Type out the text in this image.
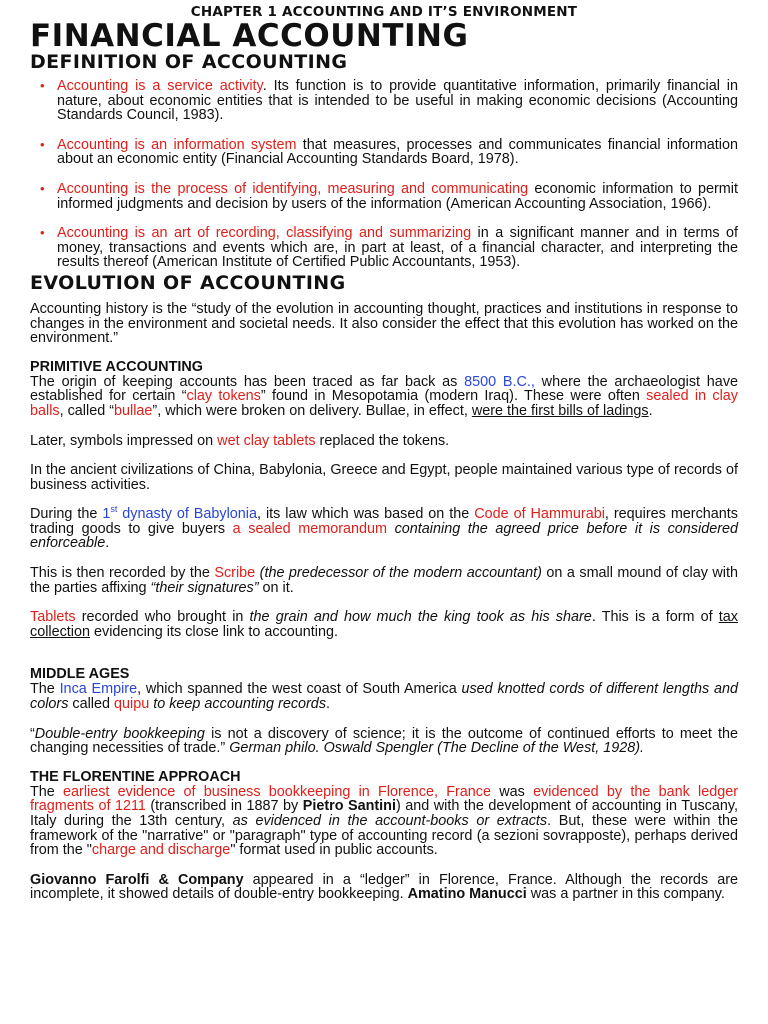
CHAPTER 1 ACCOUNTING AND IT’S ENVIRONMENT
FINANCIAL ACCOUNTING
DEFINITION OF ACCOUNTING
• Accounting is a service activity. Its function is to provide quantitative information, primarily financial in nature, about economic entities that is intended to be useful in making economic decisions (Accounting Standards Council, 1983).
• Accounting is an information system that measures, processes and communicates financial information about an economic entity (Financial Accounting Standards Board, 1978).
• Accounting is the process of identifying, measuring and communicating economic information to permit informed judgments and decision by users of the information (American Accounting Association, 1966).
• Accounting is an art of recording, classifying and summarizing in a significant manner and in terms of money, transactions and events which are, in part at least, of a financial character, and interpreting the results thereof (American Institute of Certified Public Accountants, 1953).
EVOLUTION OF ACCOUNTING

Accounting history is the “study of the evolution in accounting thought, practices and institutions in response to changes in the environment and societal needs. It also consider the effect that this evolution has worked on the environment.”

PRIMITIVE ACCOUNTING

The origin of keeping accounts has been traced as far back as 8500 B.C., where the archaeologist have established for certain “clay tokens” found in Mesopotamia (modern Iraq). These were often sealed in clay balls, called “bullae”, which were broken on delivery. Bullae, in effect, were the first bills of ladings.

Later, symbols impressed on wet clay tablets replaced the tokens.

In the ancient civilizations of China, Babylonia, Greece and Egypt, people maintained various type of records of business activities.

During the 1st dynasty of Babylonia, its law which was based on the Code of Hammurabi, requires merchants trading goods to give buyers a sealed memorandum containing the agreed price before it is considered enforceable.

This is then recorded by the Scribe (the predecessor of the modern accountant) on a small mound of clay with the parties affixing “their signatures” on it.

Tablets recorded who brought in the grain and how much the king took as his share. This is a form of tax collection evidencing its close link to accounting.

MIDDLE AGES

The Inca Empire, which spanned the west coast of South America used knotted cords of different lengths and colors called quipu to keep accounting records.

“Double-entry bookkeeping is not a discovery of science; it is the outcome of continued efforts to meet the changing necessities of trade.” German philo. Oswald Spengler (The Decline of the West, 1928).

THE FLORENTINE APPROACH

The earliest evidence of business bookkeeping in Florence, France was evidenced by the bank ledger fragments of 1211 (transcribed in 1887 by Pietro Santini) and with the development of accounting in Tuscany, Italy during the 13th century, as evidenced in the account-books or extracts. But, these were within the framework of the "narrative" or "paragraph" type of accounting record (a sezioni sovrapposte), perhaps derived from the "charge and discharge" format used in public accounts.

Giovanno Farolfi & Company appeared in a “ledger” in Florence, France. Although the records are incomplete, it showed details of double-entry bookkeeping. Amatino Manucci was a partner in this company.
